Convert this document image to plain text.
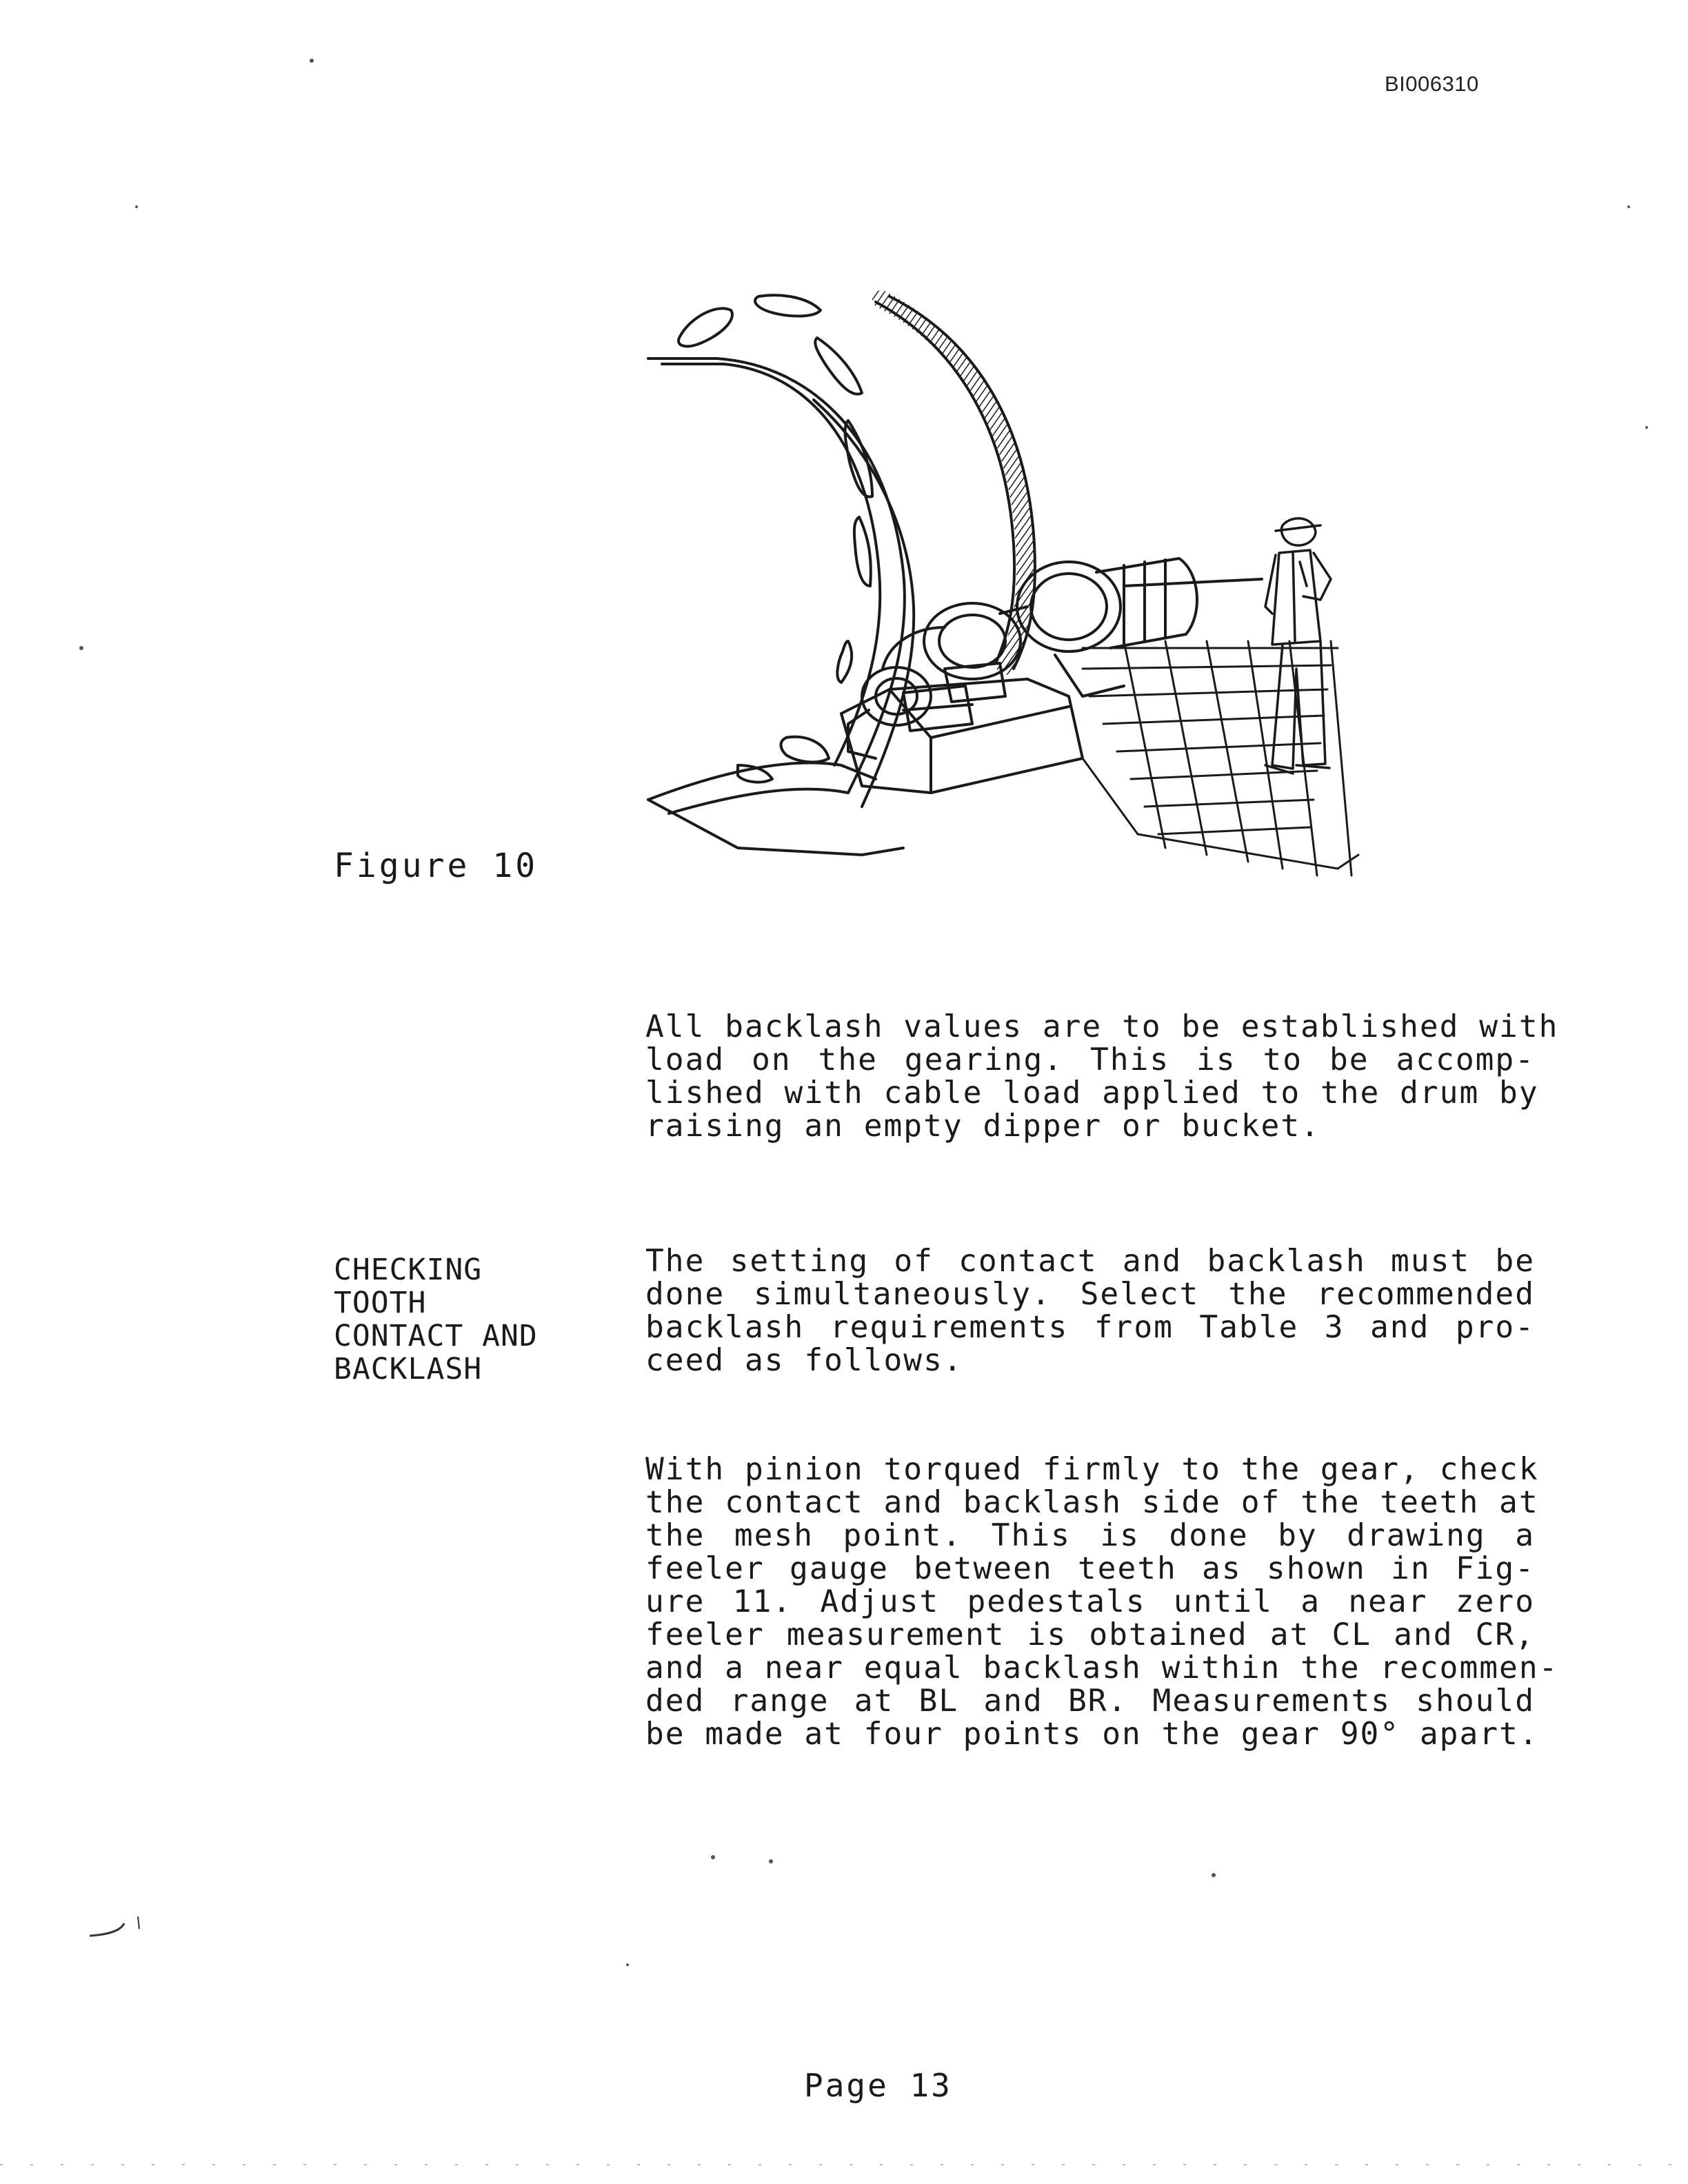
BI006310
Figure 10
All backlash values are to be established with
load on the gearing. This is to be accomp-
lished with cable load applied to the drum by
raising an empty dipper or bucket.
CHECKING
TOOTH
CONTACT AND
BACKLASH
The setting of contact and backlash must be
done simultaneously. Select the recommended
backlash requirements from Table 3 and pro-
ceed as follows.
With pinion torqued firmly to the gear, check
the contact and backlash side of the teeth at
the mesh point. This is done by drawing a
feeler gauge between teeth as shown in Fig-
ure 11. Adjust pedestals until a near zero
feeler measurement is obtained at CL and CR,
and a near equal backlash within the recommen-
ded range at BL and BR. Measurements should
be made at four points on the gear 90° apart.
Page 13
